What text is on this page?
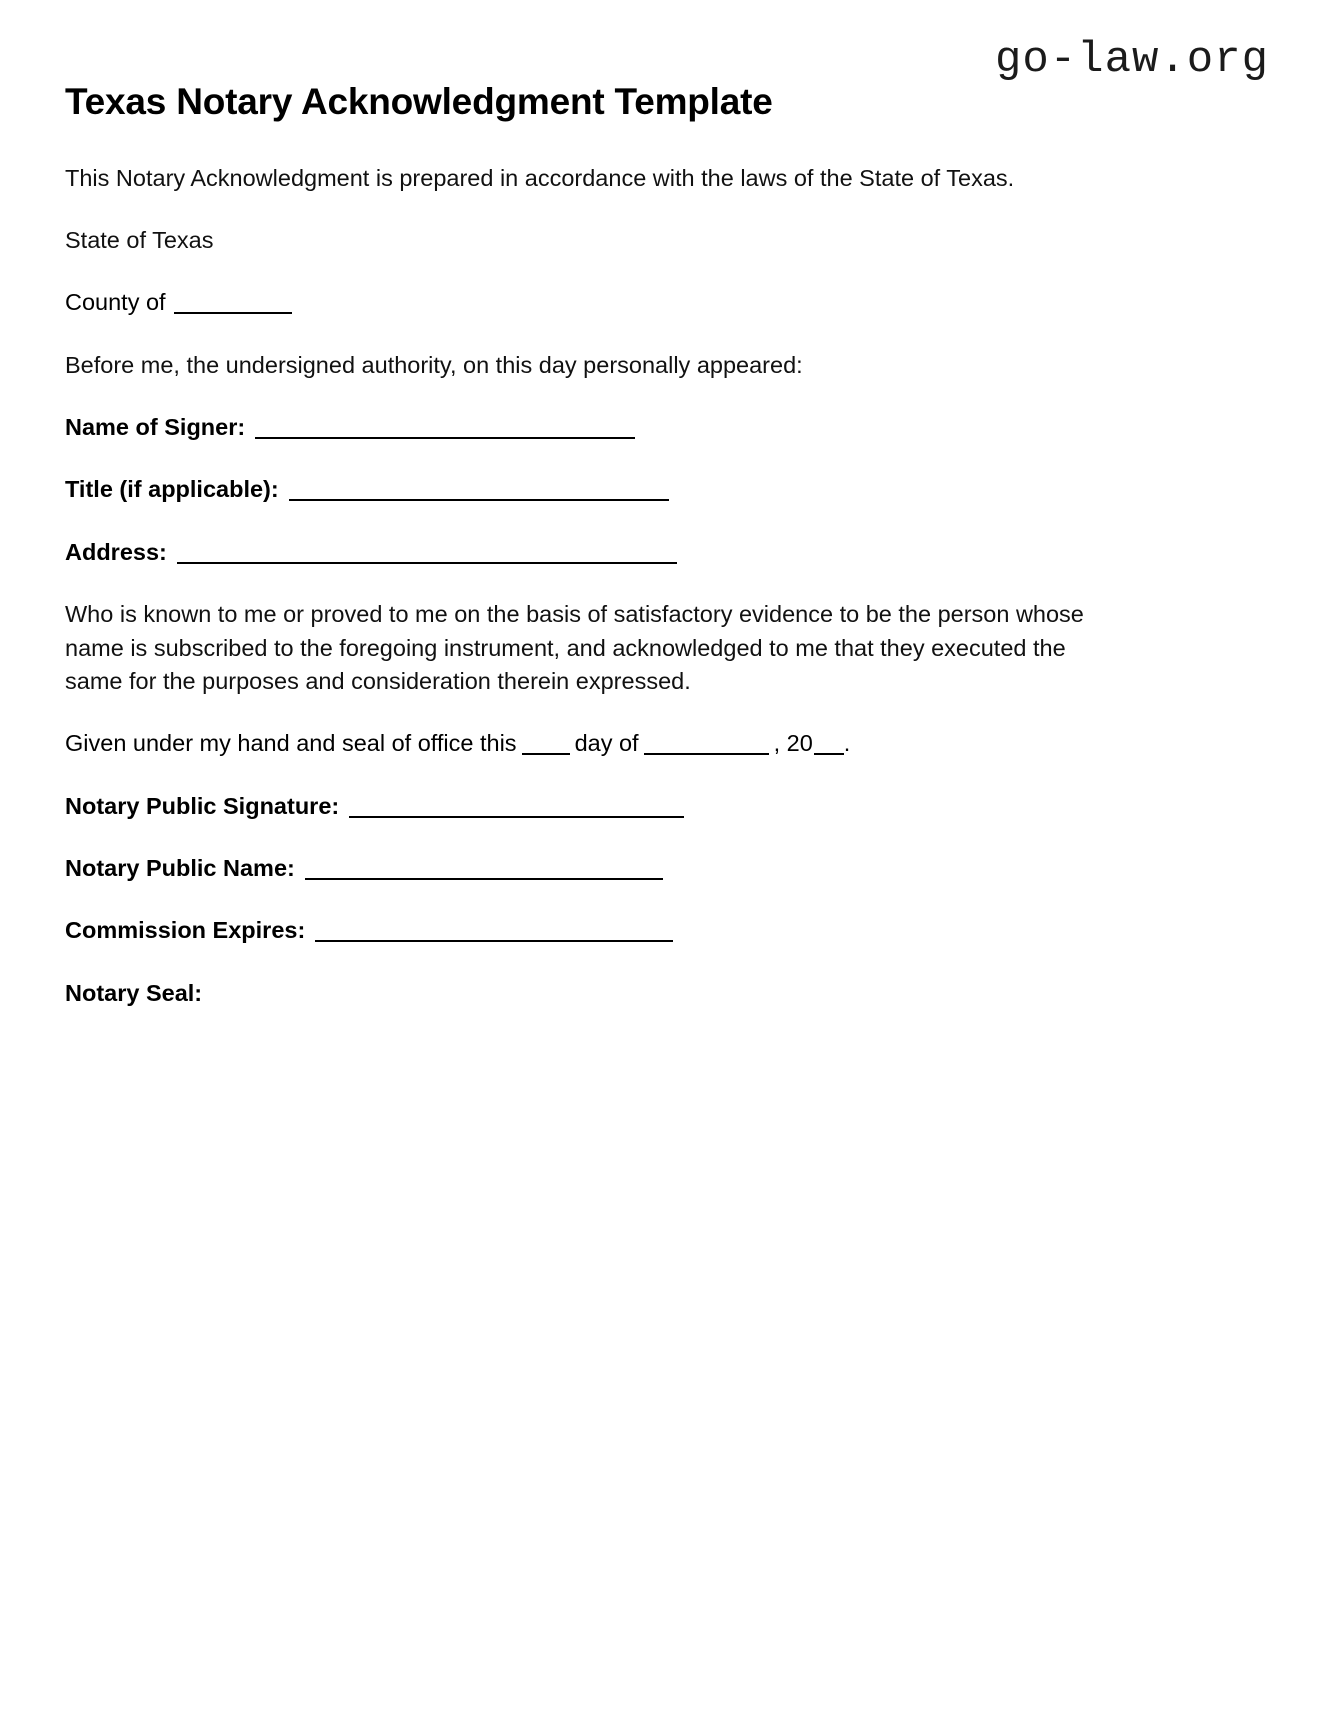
go-law.org
Texas Notary Acknowledgment Template

This Notary Acknowledgment is prepared in accordance with the laws of the State of Texas.

State of Texas

County of

Before me, the undersigned authority, on this day personally appeared:

Name of Signer:
Title (if applicable):
Address:

Who is known to me or proved to me on the basis of satisfactory evidence to be the person whose name is subscribed to the foregoing instrument, and acknowledged to me that they executed the same for the purposes and consideration therein expressed.

Given under my hand and seal of office this day of	, 20 .
Notary Public Signature:
Notary Public Name:
Commission Expires:
Notary Seal:
